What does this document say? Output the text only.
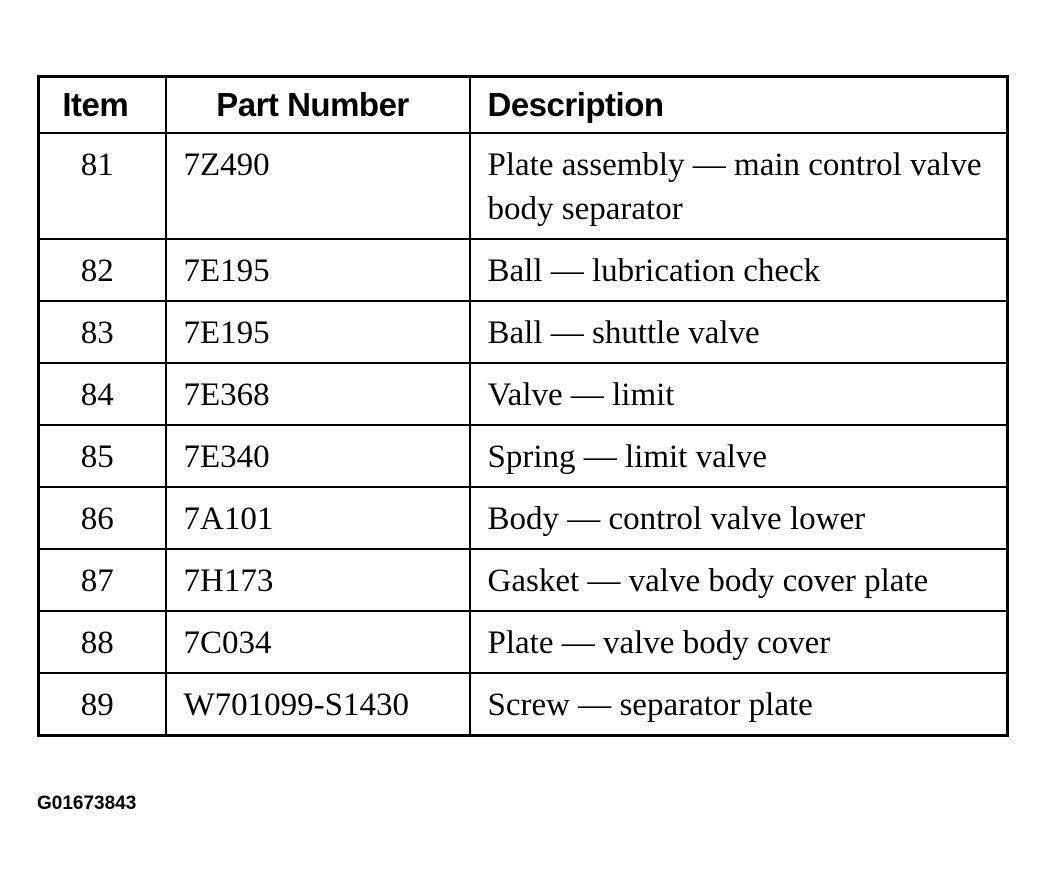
Item	Part Number	Description
81	7Z490	Plate assembly — main control valve body separator
82	7E195	Ball — lubrication check
83	7E195	Ball — shuttle valve
84	7E368	Valve — limit
85	7E340	Spring — limit valve
86	7A101	Body — control valve lower
87	7H173	Gasket — valve body cover plate
88	7C034	Plate — valve body cover
89	W701099-S1430	Screw — separator plate
G01673843
